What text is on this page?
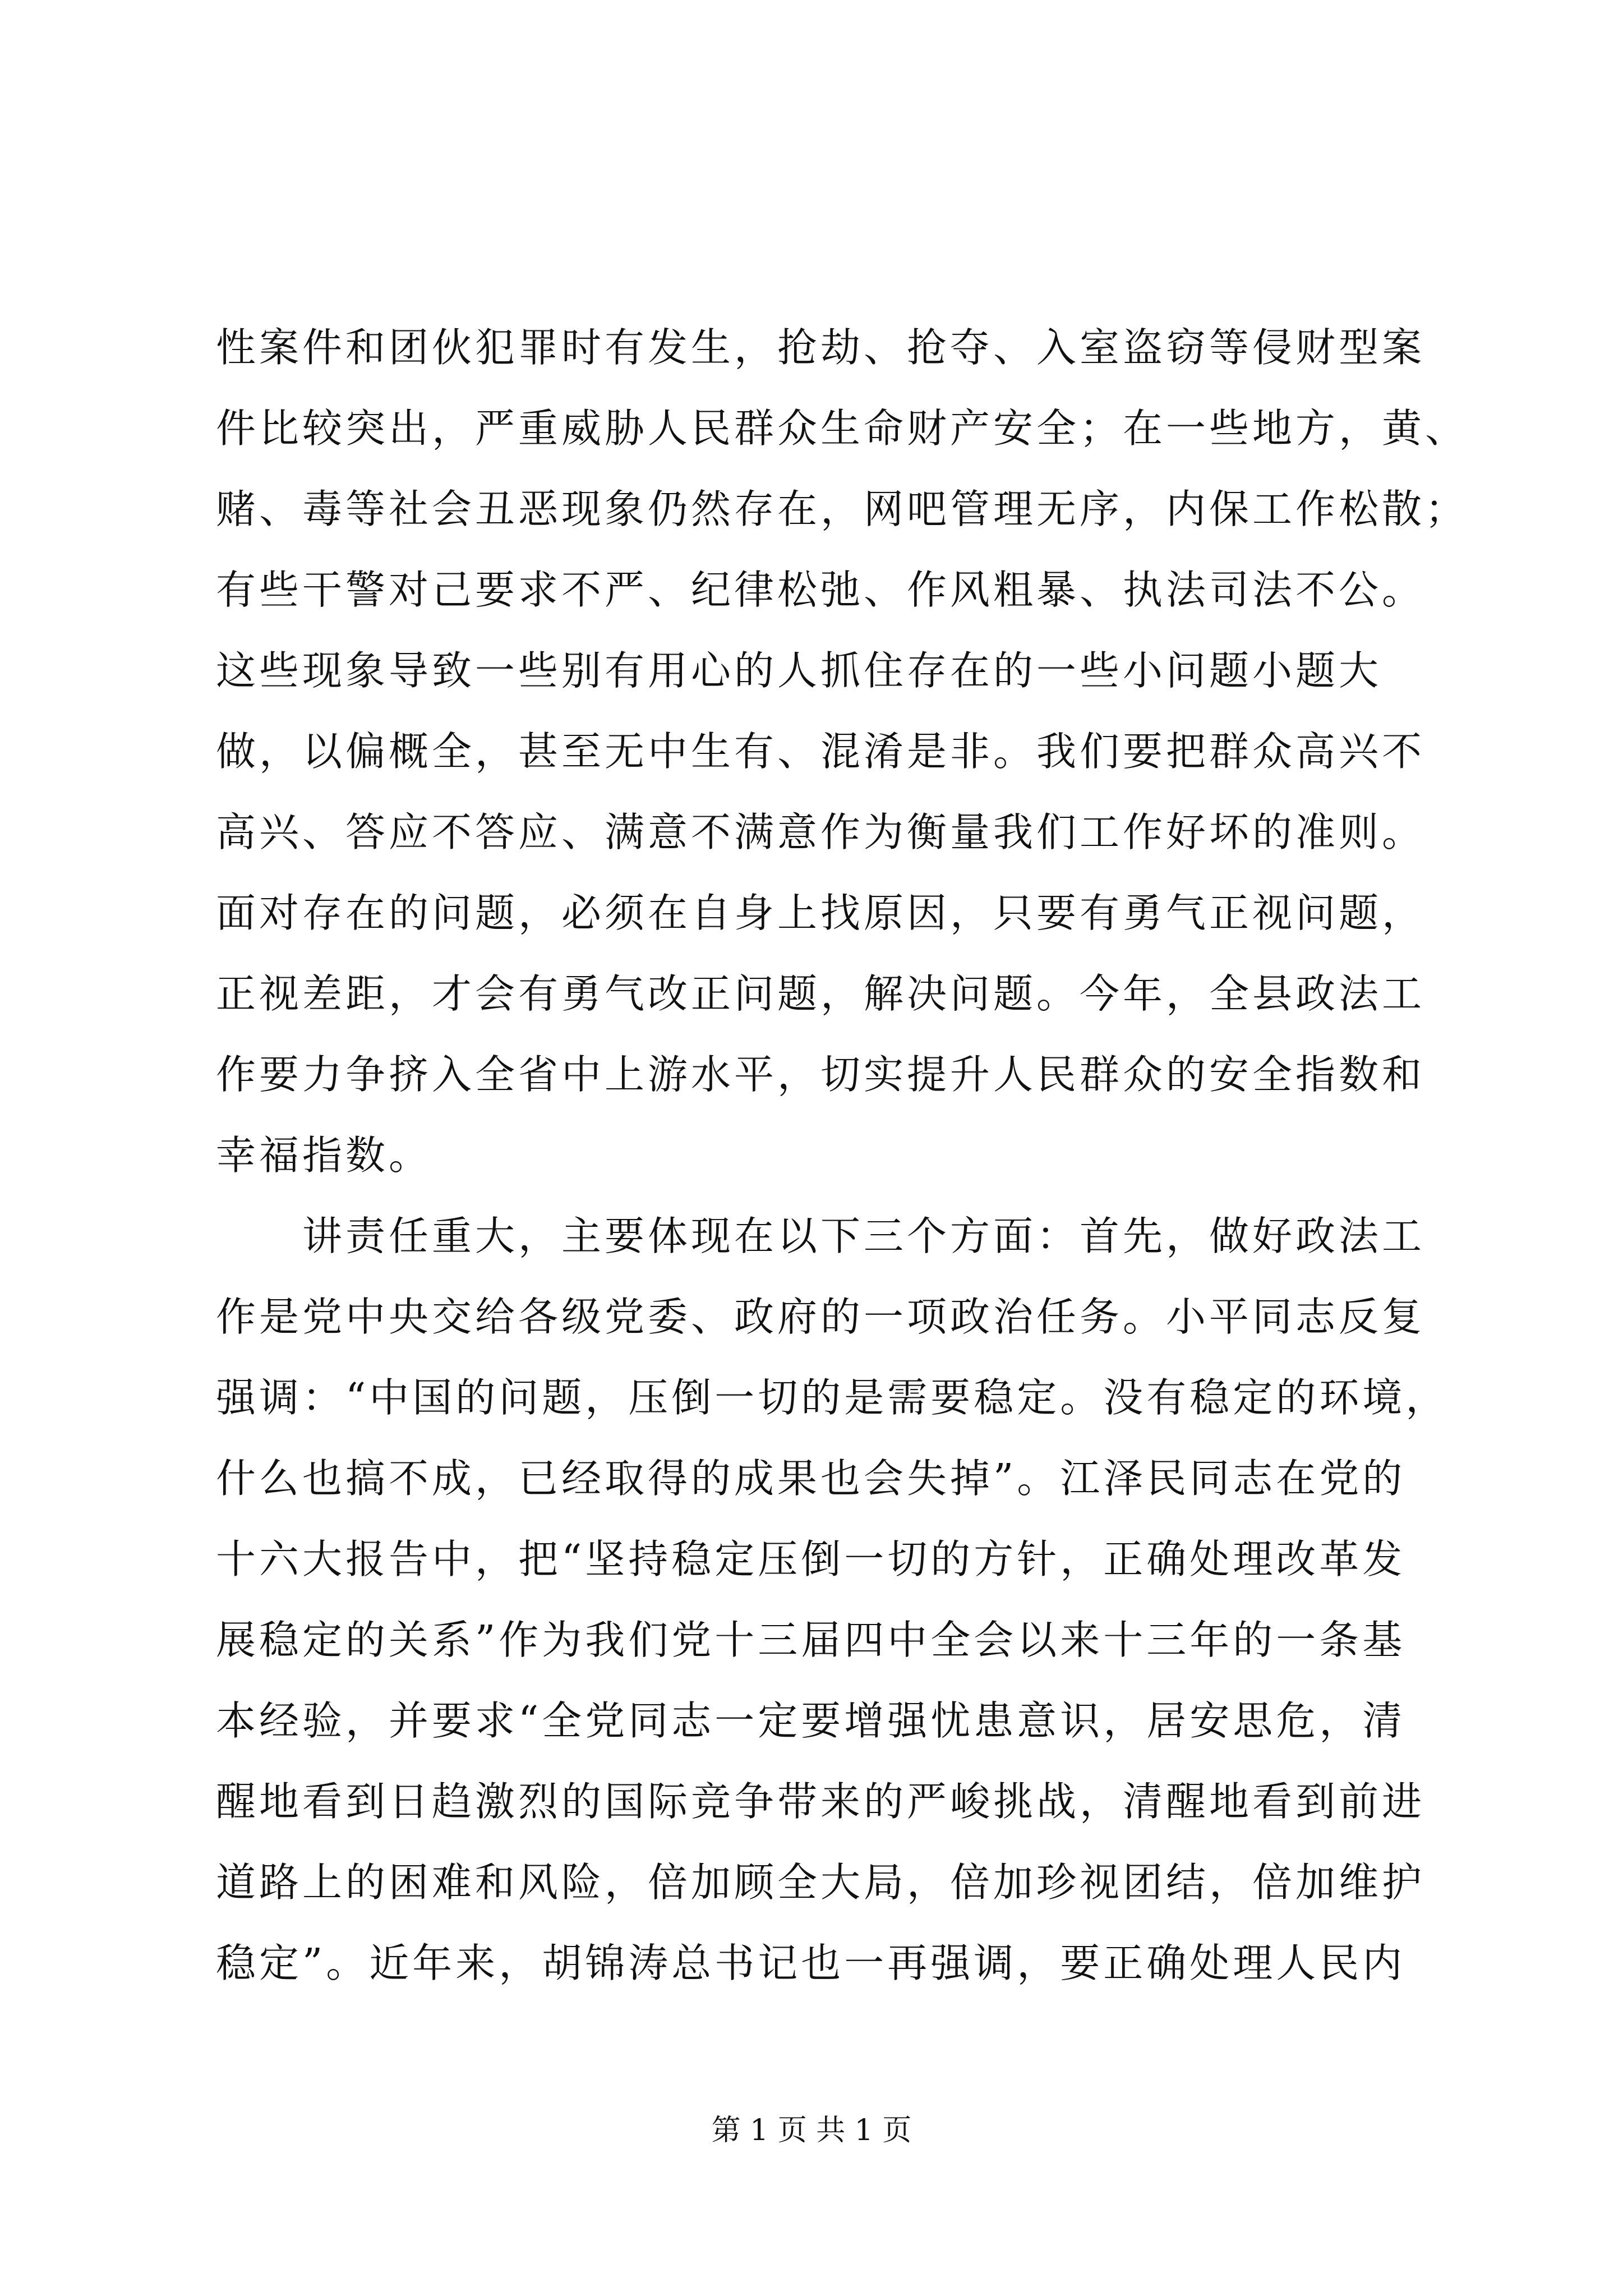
性案件和团伙犯罪时有发生，抢劫、抢夺、入室盗窃等侵财型案
件比较突出，严重威胁人民群众生命财产安全；在一些地方，黄、
赌、毒等社会丑恶现象仍然存在，网吧管理无序，内保工作松散；
有些干警对己要求不严、纪律松弛、作风粗暴、执法司法不公。
这些现象导致一些别有用心的人抓住存在的一些小问题小题大
做，以偏概全，甚至无中生有、混淆是非。我们要把群众高兴不
高兴、答应不答应、满意不满意作为衡量我们工作好坏的准则。
面对存在的问题，必须在自身上找原因，只要有勇气正视问题，
正视差距，才会有勇气改正问题，解决问题。今年，全县政法工
作要力争挤入全省中上游水平，切实提升人民群众的安全指数和
幸福指数。
　　讲责任重大，主要体现在以下三个方面：首先，做好政法工
作是党中央交给各级党委、政府的一项政治任务。小平同志反复
强调：“中国的问题，压倒一切的是需要稳定。没有稳定的环境，
什么也搞不成，已经取得的成果也会失掉”。江泽民同志在党的
十六大报告中，把“坚持稳定压倒一切的方针，正确处理改革发
展稳定的关系”作为我们党十三届四中全会以来十三年的一条基
本经验，并要求“全党同志一定要增强忧患意识，居安思危，清
醒地看到日趋激烈的国际竞争带来的严峻挑战，清醒地看到前进
道路上的困难和风险，倍加顾全大局，倍加珍视团结，倍加维护
稳定”。近年来，胡锦涛总书记也一再强调，要正确处理人民内
第 1 页 共 1 页
